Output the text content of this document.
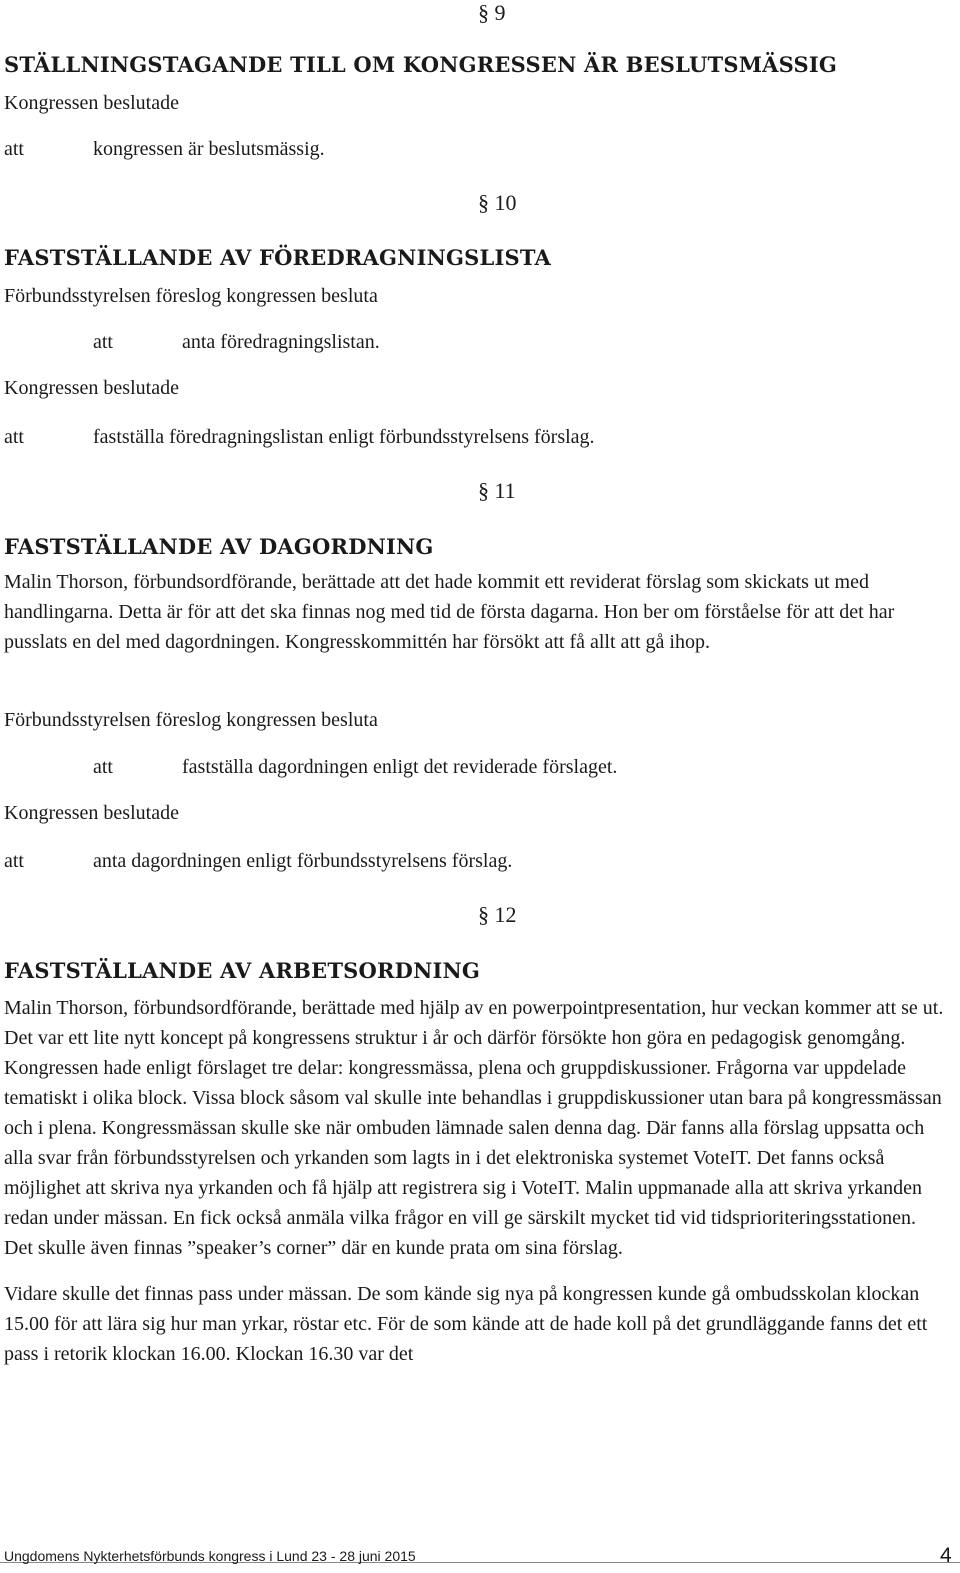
§ 9
STÄLLNINGSTAGANDE TILL OM KONGRESSEN ÄR BESLUTSMÄSSIG
Kongressen beslutade
att	kongressen är beslutsmässig.
§ 10
FASTSTÄLLANDE AV FÖREDRAGNINGSLISTA
Förbundsstyrelsen föreslog kongressen besluta
att	anta föredragningslistan.
Kongressen beslutade
att	fastställa föredragningslistan enligt förbundsstyrelsens förslag.
§ 11
FASTSTÄLLANDE AV DAGORDNING

Malin Thorson, förbundsordförande, berättade att det hade kommit ett reviderat förslag som skickats ut med handlingarna. Detta är för att det ska finnas nog med tid de första dagarna. Hon ber om förståelse för att det har pusslats en del med dagordningen. Kongresskommittén har försökt att få allt att gå ihop.

Förbundsstyrelsen föreslog kongressen besluta
att	fastställa dagordningen enligt det reviderade förslaget.
Kongressen beslutade
att	anta dagordningen enligt förbundsstyrelsens förslag.
§ 12
FASTSTÄLLANDE AV ARBETSORDNING

Malin Thorson, förbundsordförande, berättade med hjälp av en powerpointpresentation, hur veckan kommer att se ut. Det var ett lite nytt koncept på kongressens struktur i år och därför försökte hon göra en pedagogisk genomgång. Kongressen hade enligt förslaget tre delar: kongressmässa, plena och gruppdiskussioner. Frågorna var uppdelade tematiskt i olika block. Vissa block såsom val skulle inte behandlas i gruppdiskussioner utan bara på kongressmässan och i plena. Kongressmässan skulle ske när ombuden lämnade salen denna dag. Där fanns alla förslag uppsatta och alla svar från förbundsstyrelsen och yrkanden som lagts in i det elektroniska systemet VoteIT. Det fanns också möjlighet att skriva nya yrkanden och få hjälp att registrera sig i VoteIT. Malin uppmanade alla att skriva yrkanden redan under mässan. En fick också anmäla vilka frågor en vill ge särskilt mycket tid vid tidsprioriteringsstationen. Det skulle även finnas ”speaker’s corner” där en kunde prata om sina förslag.

Vidare skulle det finnas pass under mässan. De som kände sig nya på kongressen kunde gå ombudsskolan klockan 15.00 för att lära sig hur man yrkar, röstar etc. För de som kände att de hade koll på det grundläggande fanns det ett pass i retorik klockan 16.00. Klockan 16.30 var det

Ungdomens Nykterhetsförbunds kongress i Lund 23 - 28 juni 2015	4
